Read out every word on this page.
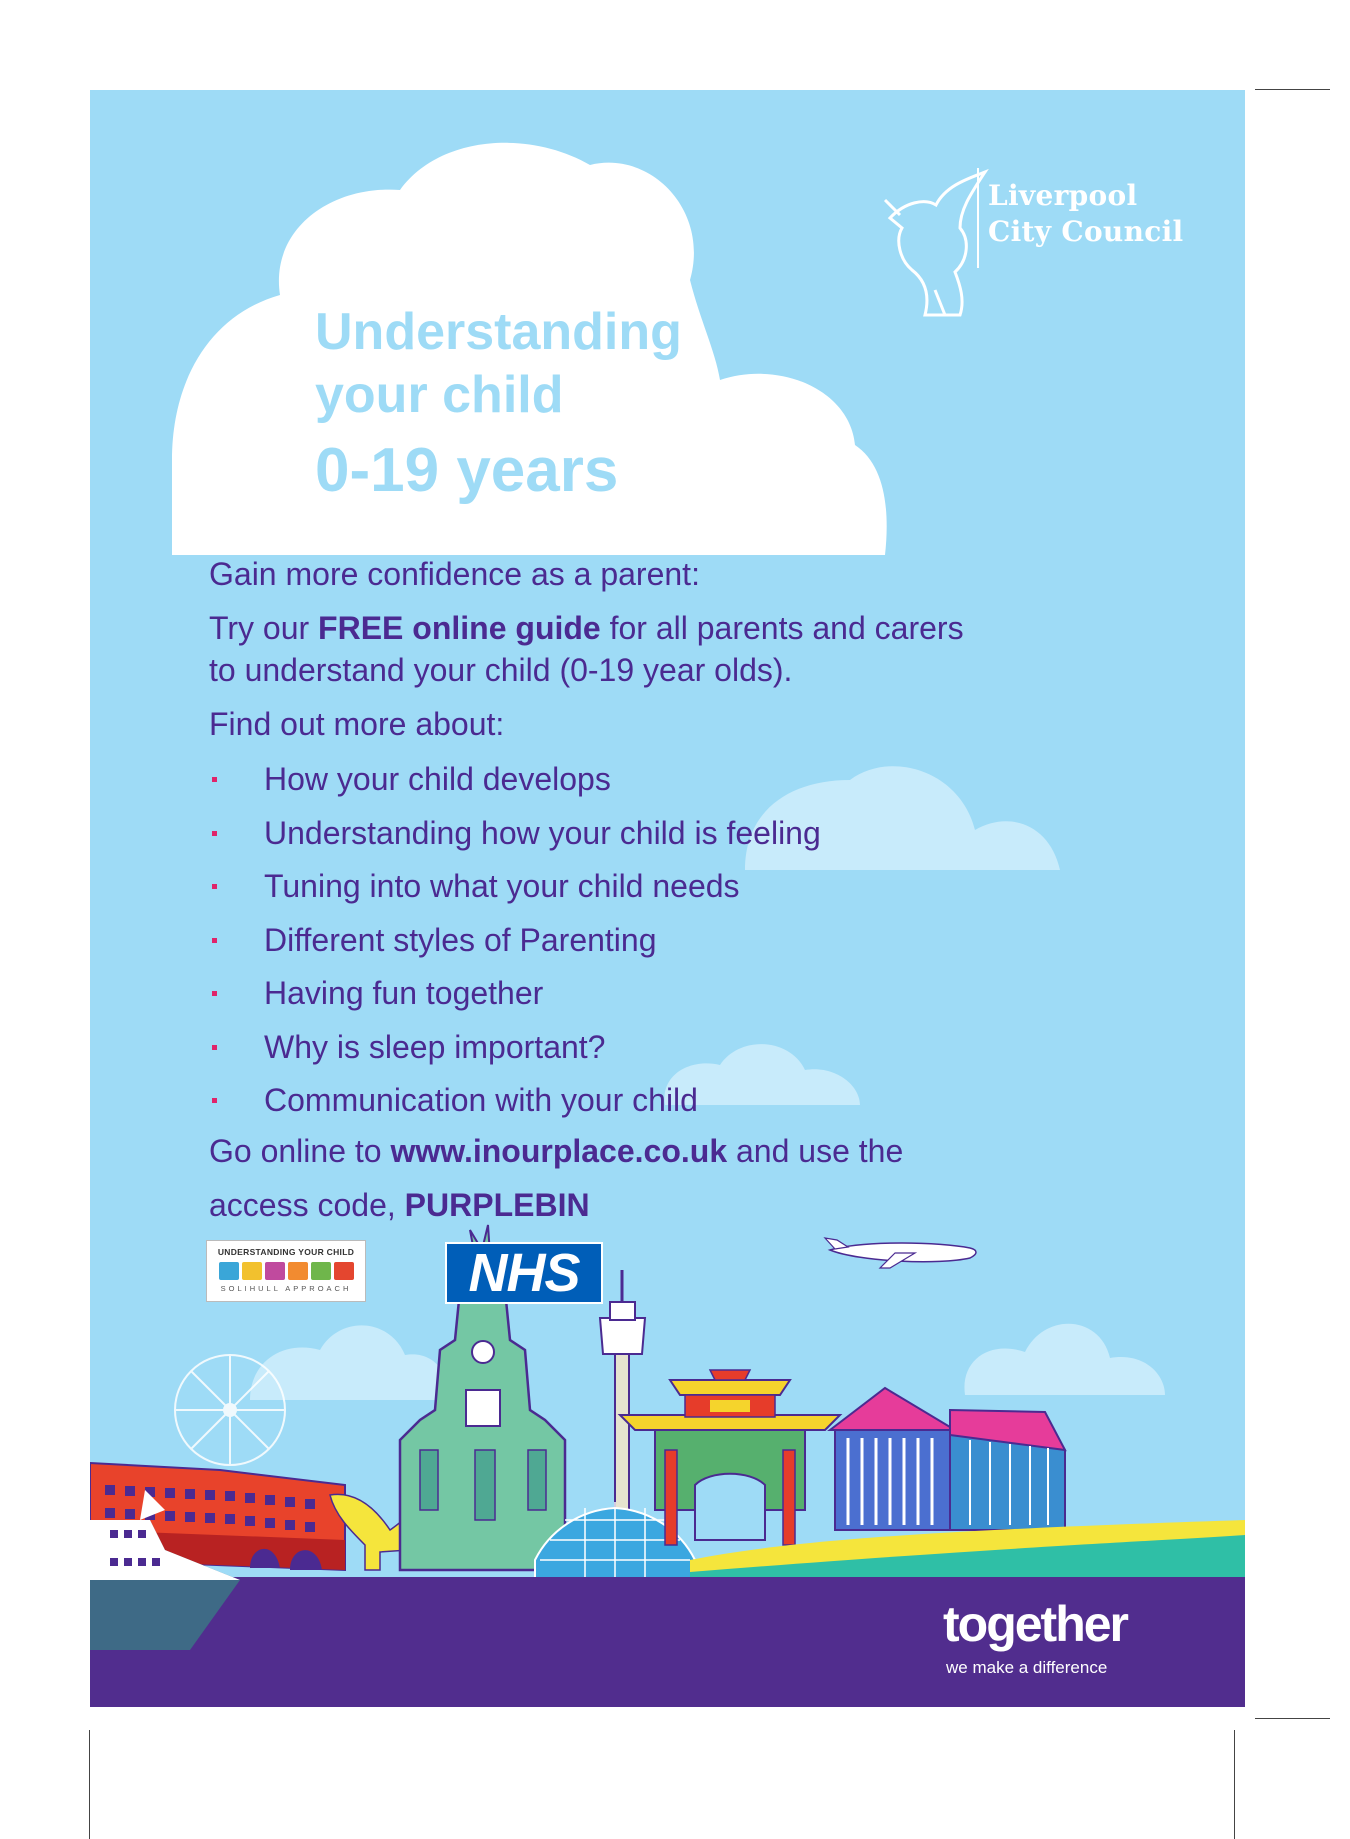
Liverpool
City Council
Understanding
your child
0-19 years
Gain more confidence as a parent:
Try our FREE online guide for all parents and carers
to understand your child (0-19 year olds).
Find out more about:
How your child develops
Understanding how your child is feeling
Tuning into what your child needs
Different styles of Parenting
Having fun together
Why is sleep important?
Communication with your child
Go online to www.inourplace.co.uk and use the
access code, PURPLEBIN
UNDERSTANDING YOUR CHILD
SOLIHULL APPROACH	NHS
together
we make a difference
